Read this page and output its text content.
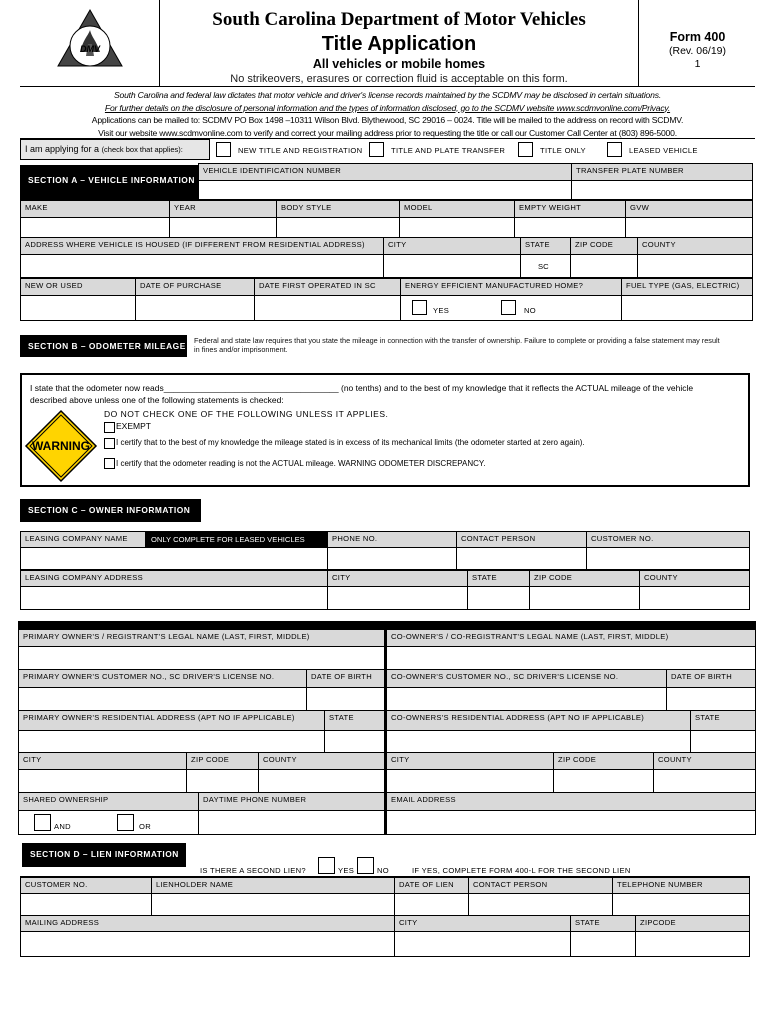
DMV
South Carolina Department of Motor Vehicles
Title Application
All vehicles or mobile homes
No strikeovers, erasures or correction fluid is acceptable on this form.
Form 400
(Rev. 06/19)
1
South Carolina and federal law dictates that motor vehicle and driver's license records maintained by the SCDMV may be disclosed in certain situations.
For further details on the disclosure of personal information and the types of information disclosed, go to the SCDMV website www.scdmvonline.com/Privacy.
Applications can be mailed to: SCDMV PO Box 1498 –10311 Wilson Blvd. Blythewood, SC 29016 – 0024. Title will be mailed to the address on record with SCDMV.
Visit our website www.scdmvonline.com to verify and correct your mailing address prior to requesting the title or call our Customer Call Center at (803) 896-5000.
I am applying for a (check box that applies):	NEW TITLE AND REGISTRATION	TITLE AND PLATE TRANSFER	TITLE ONLY	LEASED VEHICLE
SECTION A – VEHICLE INFORMATION
VEHICLE IDENTIFICATION NUMBER	TRANSFER PLATE NUMBER
MAKE	YEAR	BODY STYLE	MODEL	EMPTY WEIGHT	GVW
ADDRESS WHERE VEHICLE IS HOUSED (IF DIFFERENT FROM RESIDENTIAL ADDRESS)	CITY	STATE	ZIP CODE	COUNTY
SC
NEW OR USED	DATE OF PURCHASE	DATE FIRST OPERATED IN SC	ENERGY EFFICIENT MANUFACTURED HOME?	FUEL TYPE (GAS, ELECTRIC)
YES	NO
SECTION B – ODOMETER MILEAGE
Federal and state law requires that you state the mileage in connection with the transfer of ownership. Failure to complete or providing a false statement may result in fines and/or imprisonment.
I state that the odometer now reads_____________________________________ (no tenths) and to the best of my knowledge that it reflects the ACTUAL mileage of the vehicle
described above unless one of the following statements is checked:
DO NOT CHECK ONE OF THE FOLLOWING UNLESS IT APPLIES.
EXEMPT
I certify that to the best of my knowledge the mileage stated is in excess of its mechanical limits (the odometer started at zero again).
I certify that the odometer reading is not the ACTUAL mileage. WARNING ODOMETER DISCREPANCY.
WARNING
SECTION C – OWNER INFORMATION
LEASING COMPANY NAME	ONLY COMPLETE FOR LEASED VEHICLES	PHONE NO.	CONTACT PERSON	CUSTOMER NO.
LEASING COMPANY ADDRESS	CITY	STATE	ZIP CODE	COUNTY
PRIMARY OWNER'S / REGISTRANT'S LEGAL NAME (LAST, FIRST, MIDDLE)
PRIMARY OWNER'S CUSTOMER NO., SC DRIVER'S LICENSE NO.	DATE OF BIRTH
PRIMARY OWNER'S RESIDENTIAL ADDRESS (APT NO IF APPLICABLE)	STATE
CITY	ZIP CODE	COUNTY
SHARED OWNERSHIP	DAYTIME PHONE NUMBER
AND	OR
CO-OWNER'S / CO-REGISTRANT'S LEGAL NAME (LAST, FIRST, MIDDLE)
CO-OWNER'S CUSTOMER NO., SC DRIVER'S LICENSE NO.	DATE OF BIRTH
CO-OWNERS'S RESIDENTIAL ADDRESS (APT NO IF APPLICABLE)	STATE
CITY	ZIP CODE	COUNTY
EMAIL ADDRESS
SECTION D – LIEN INFORMATION
IS THERE A SECOND LIEN?	YES	NO	IF YES, COMPLETE FORM 400-L FOR THE SECOND LIEN
CUSTOMER NO.	LIENHOLDER NAME	DATE OF LIEN	CONTACT PERSON	TELEPHONE NUMBER
MAILING ADDRESS	CITY	STATE	ZIPCODE
